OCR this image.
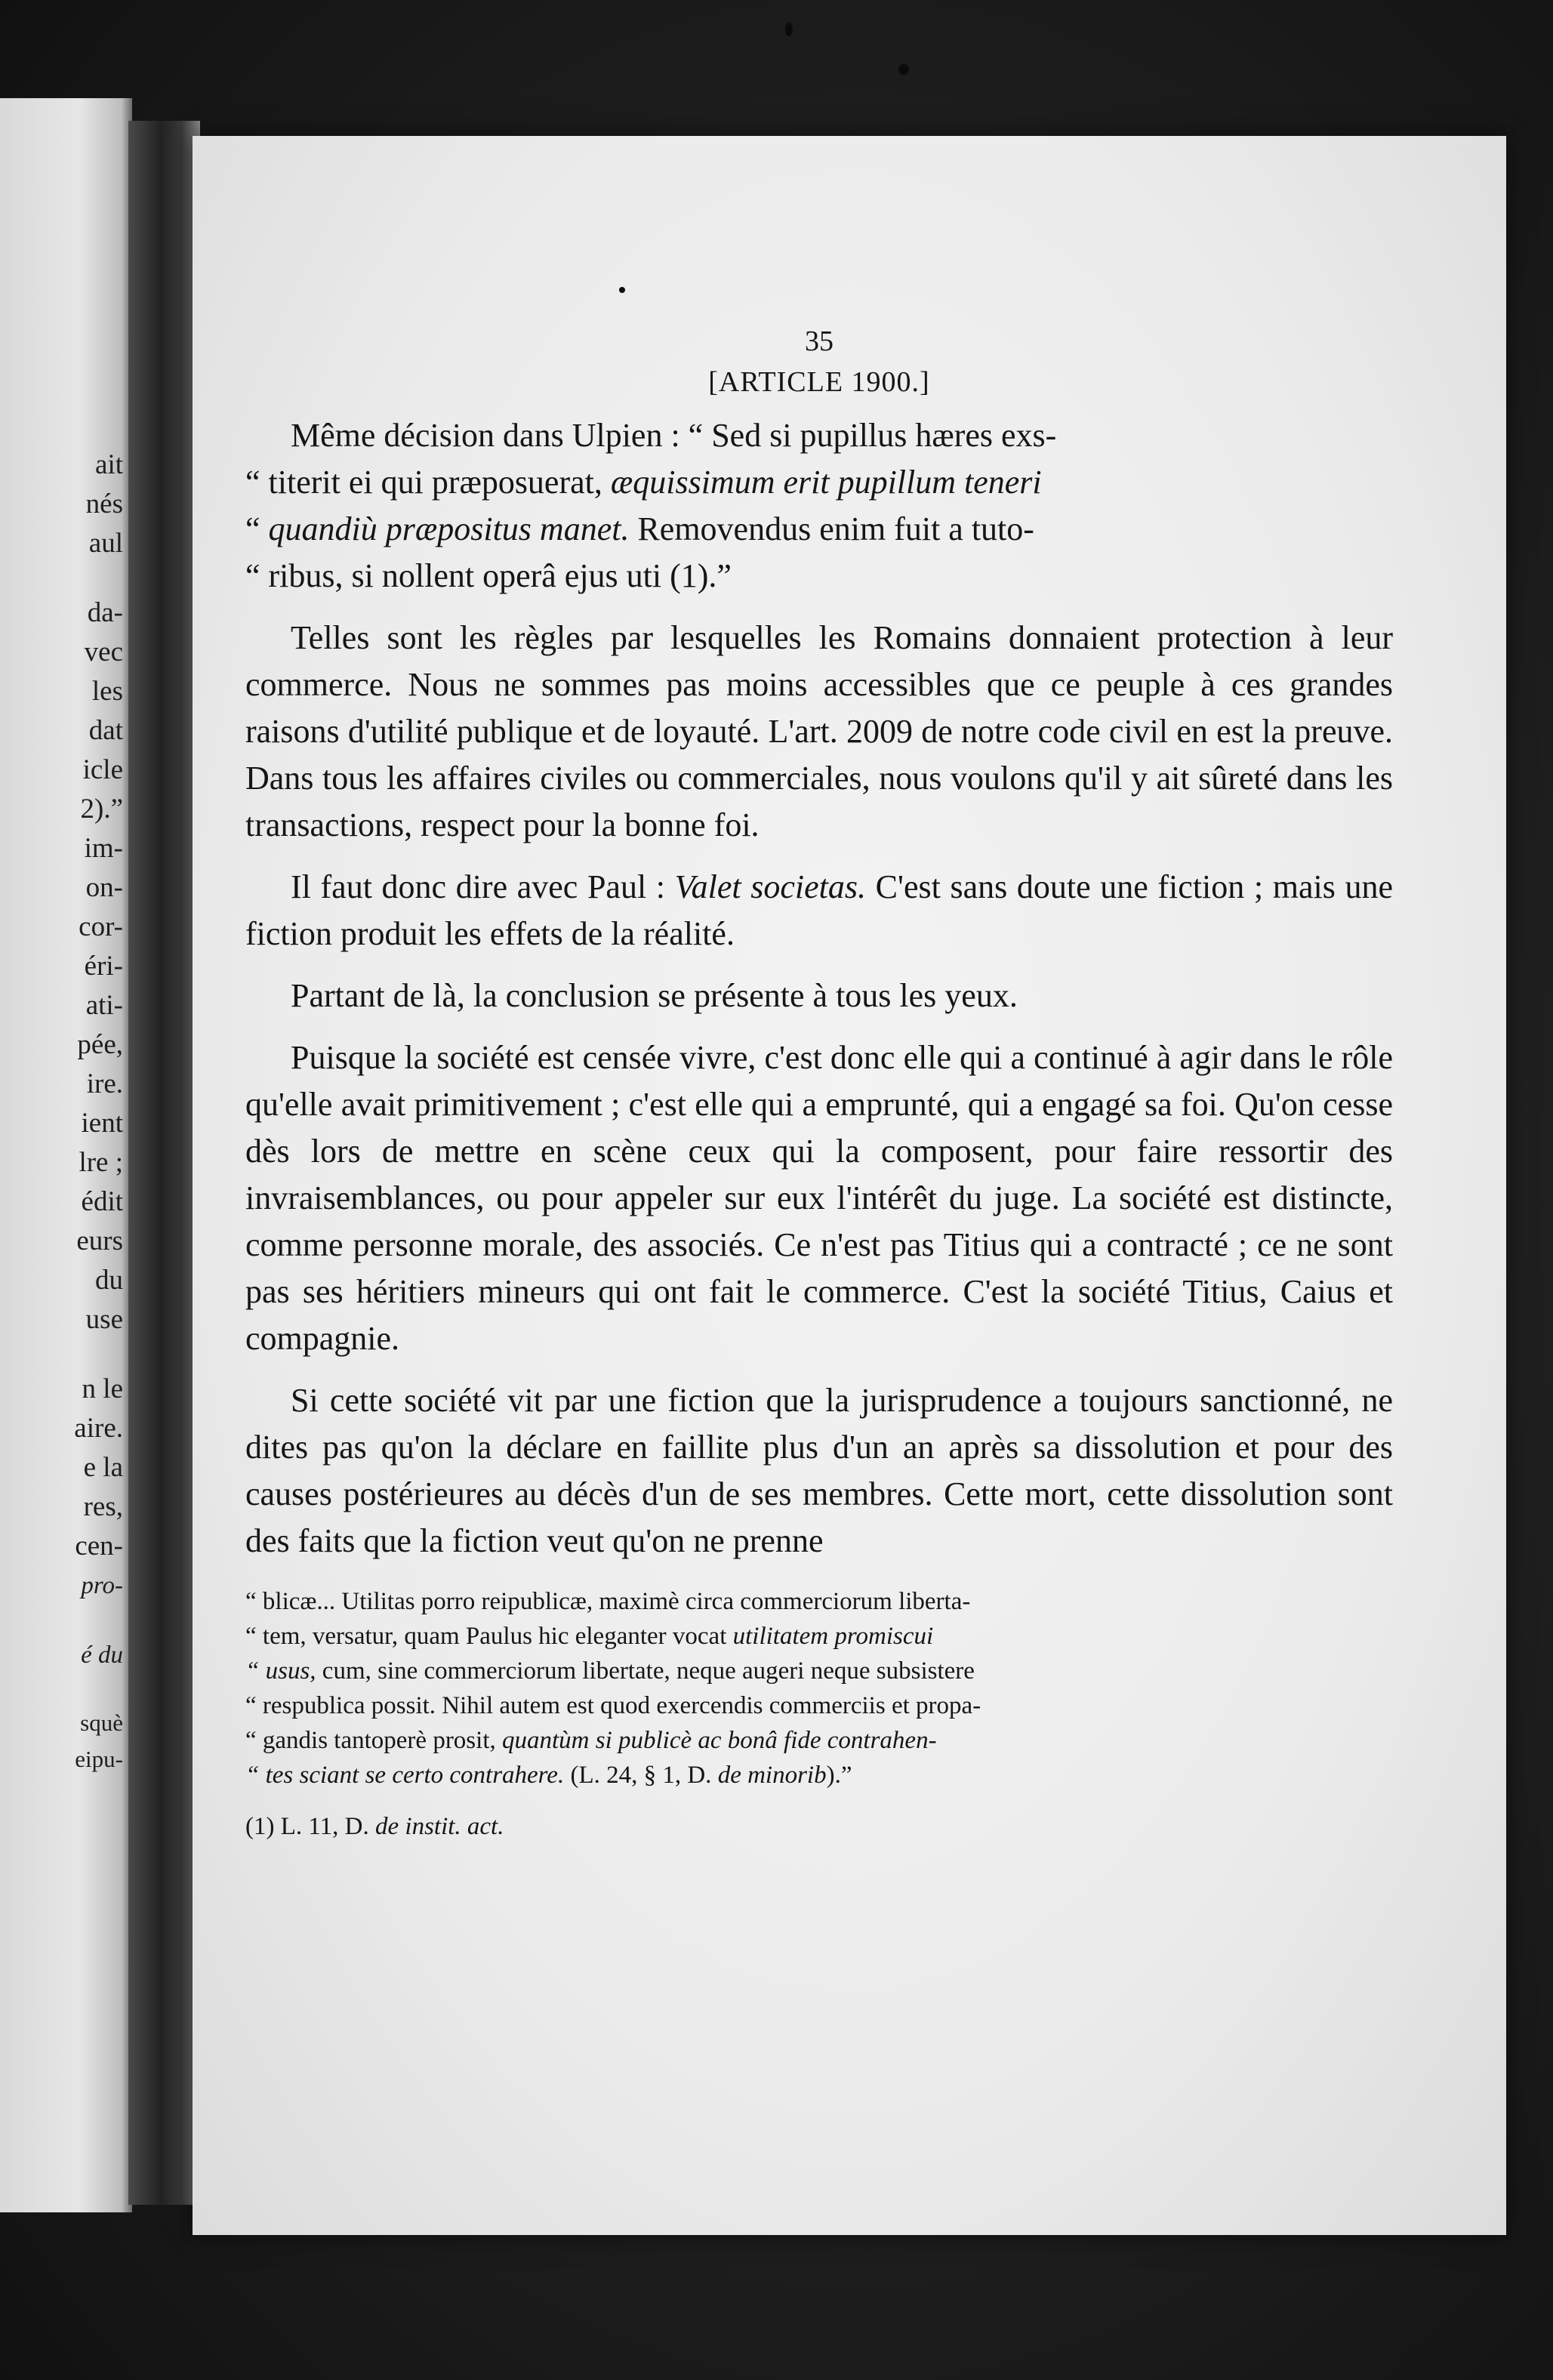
ait
nés
aul
da-
vec
les
dat
icle
2).”
im-
on-
cor-
éri-
ati-
pée,
ire.
ient
lre ;
édit
eurs
du
use
n le
aire.
e la
res,
cen-
pro-
é du
squè
eipu-
35
[ARTICLE 1900.]

Même décision dans Ulpien : “ Sed si pupillus hæres exs-
“ titerit ei qui præposuerat, æquissimum erit pupillum teneri
“ quandiù præpositus manet. Removendus enim fuit a tuto-
“ ribus, si nollent operâ ejus uti (1).”

Telles sont les règles par lesquelles les Romains donnaient protection à leur commerce. Nous ne sommes pas moins accessibles que ce peuple à ces grandes raisons d'utilité publique et de loyauté. L'art. 2009 de notre code civil en est la preuve. Dans tous les affaires civiles ou commerciales, nous voulons qu'il y ait sûreté dans les transactions, respect pour la bonne foi.

Il faut donc dire avec Paul : Valet societas. C'est sans doute une fiction ; mais une fiction produit les effets de la réalité.

Partant de là, la conclusion se présente à tous les yeux.

Puisque la société est censée vivre, c'est donc elle qui a continué à agir dans le rôle qu'elle avait primitivement ; c'est elle qui a emprunté, qui a engagé sa foi. Qu'on cesse dès lors de mettre en scène ceux qui la composent, pour faire ressortir des invraisemblances, ou pour appeler sur eux l'intérêt du juge. La société est distincte, comme personne morale, des associés. Ce n'est pas Titius qui a contracté ; ce ne sont pas ses héritiers mineurs qui ont fait le commerce. C'est la société Titius, Caius et compagnie.

Si cette société vit par une fiction que la jurisprudence a toujours sanctionné, ne dites pas qu'on la déclare en faillite plus d'un an après sa dissolution et pour des causes postérieures au décès d'un de ses membres. Cette mort, cette dissolution sont des faits que la fiction veut qu'on ne prenne

“ blicæ... Utilitas porro reipublicæ, maximè circa commerciorum liberta-
“ tem, versatur, quam Paulus hic eleganter vocat utilitatem promiscui
“ usus, cum, sine commerciorum libertate, neque augeri neque subsistere
“ respublica possit. Nihil autem est quod exercendis commerciis et propa-
“ gandis tantoperè prosit, quantùm si publicè ac bonâ fide contrahen-
“ tes sciant se certo contrahere. (L. 24, § 1, D. de minorib).”
(1) L. 11, D. de instit. act.
